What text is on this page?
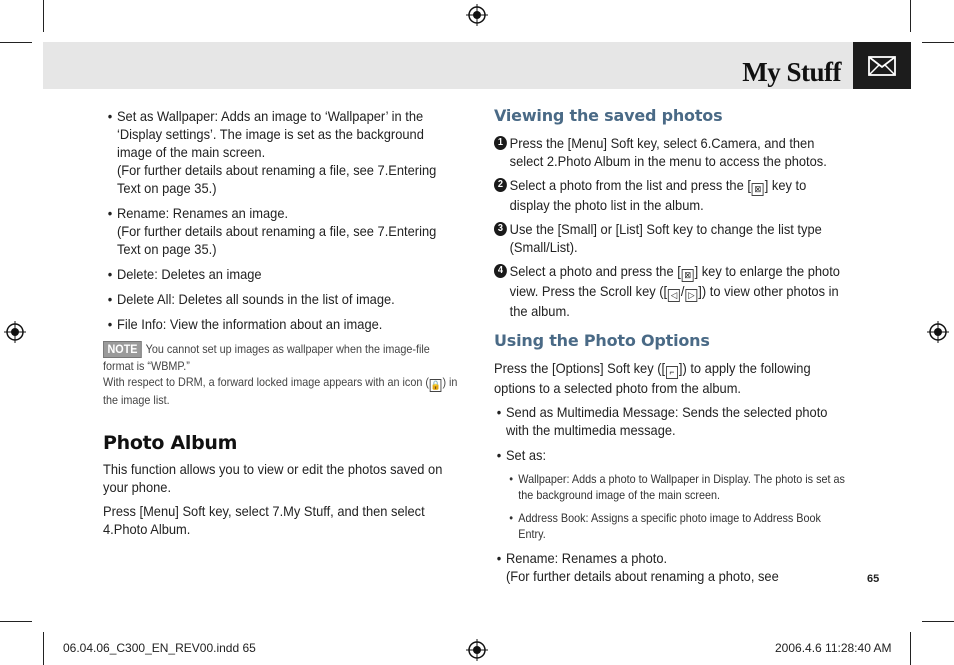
My Stuff
• Set as Wallpaper: Adds an image to ‘Wallpaper’ in the ‘Display settings’. The image is set as the background image of the main screen.
(For further details about renaming a file, see 7.Entering Text on page 35.)
• Rename: Renames an image.
(For further details about renaming a file, see 7.Entering Text on page 35.)
• Delete: Deletes an image
• Delete All: Deletes all sounds in the list of image.
• File Info: View the information about an image.
NOTE You cannot set up images as wallpaper when the image-file format is “WBMP.”
With respect to DRM, a forward locked image appears with an icon ( 🔒 ) in the image list.
Photo Album
This function allows you to view or edit the photos saved on your phone.
Press [Menu] Soft key, select 7.My Stuff, and then select 4.Photo Album.
Viewing the saved photos
1 Press the [Menu] Soft key, select 6.Camera, and then select 2.Photo Album in the menu to access the photos.
2 Select a photo from the list and press the [ ⊠ ] key to display the photo list in the album.
3 Use the [Small] or [List] Soft key to change the list type (Small/List).
4 Select a photo and press the [ ⊠ ] key to enlarge the photo view. Press the Scroll key ([ ◁ / ▷ ]) to view other photos in the album.
Using the Photo Options
Press the [Options] Soft key ([ ⌐ ]) to apply the following options to a selected photo from the album.
• Send as Multimedia Message: Sends the selected photo with the multimedia message.
• Set as:
• Wallpaper: Adds a photo to Wallpaper in Display. The photo is set as the background image of the main screen.
• Address Book: Assigns a specific photo image to Address Book Entry.
• Rename: Renames a photo.
(For further details about renaming a photo, see	65
06.04.06_C300_EN_REV00.indd 65	2006.4.6 11:28:40 AM
